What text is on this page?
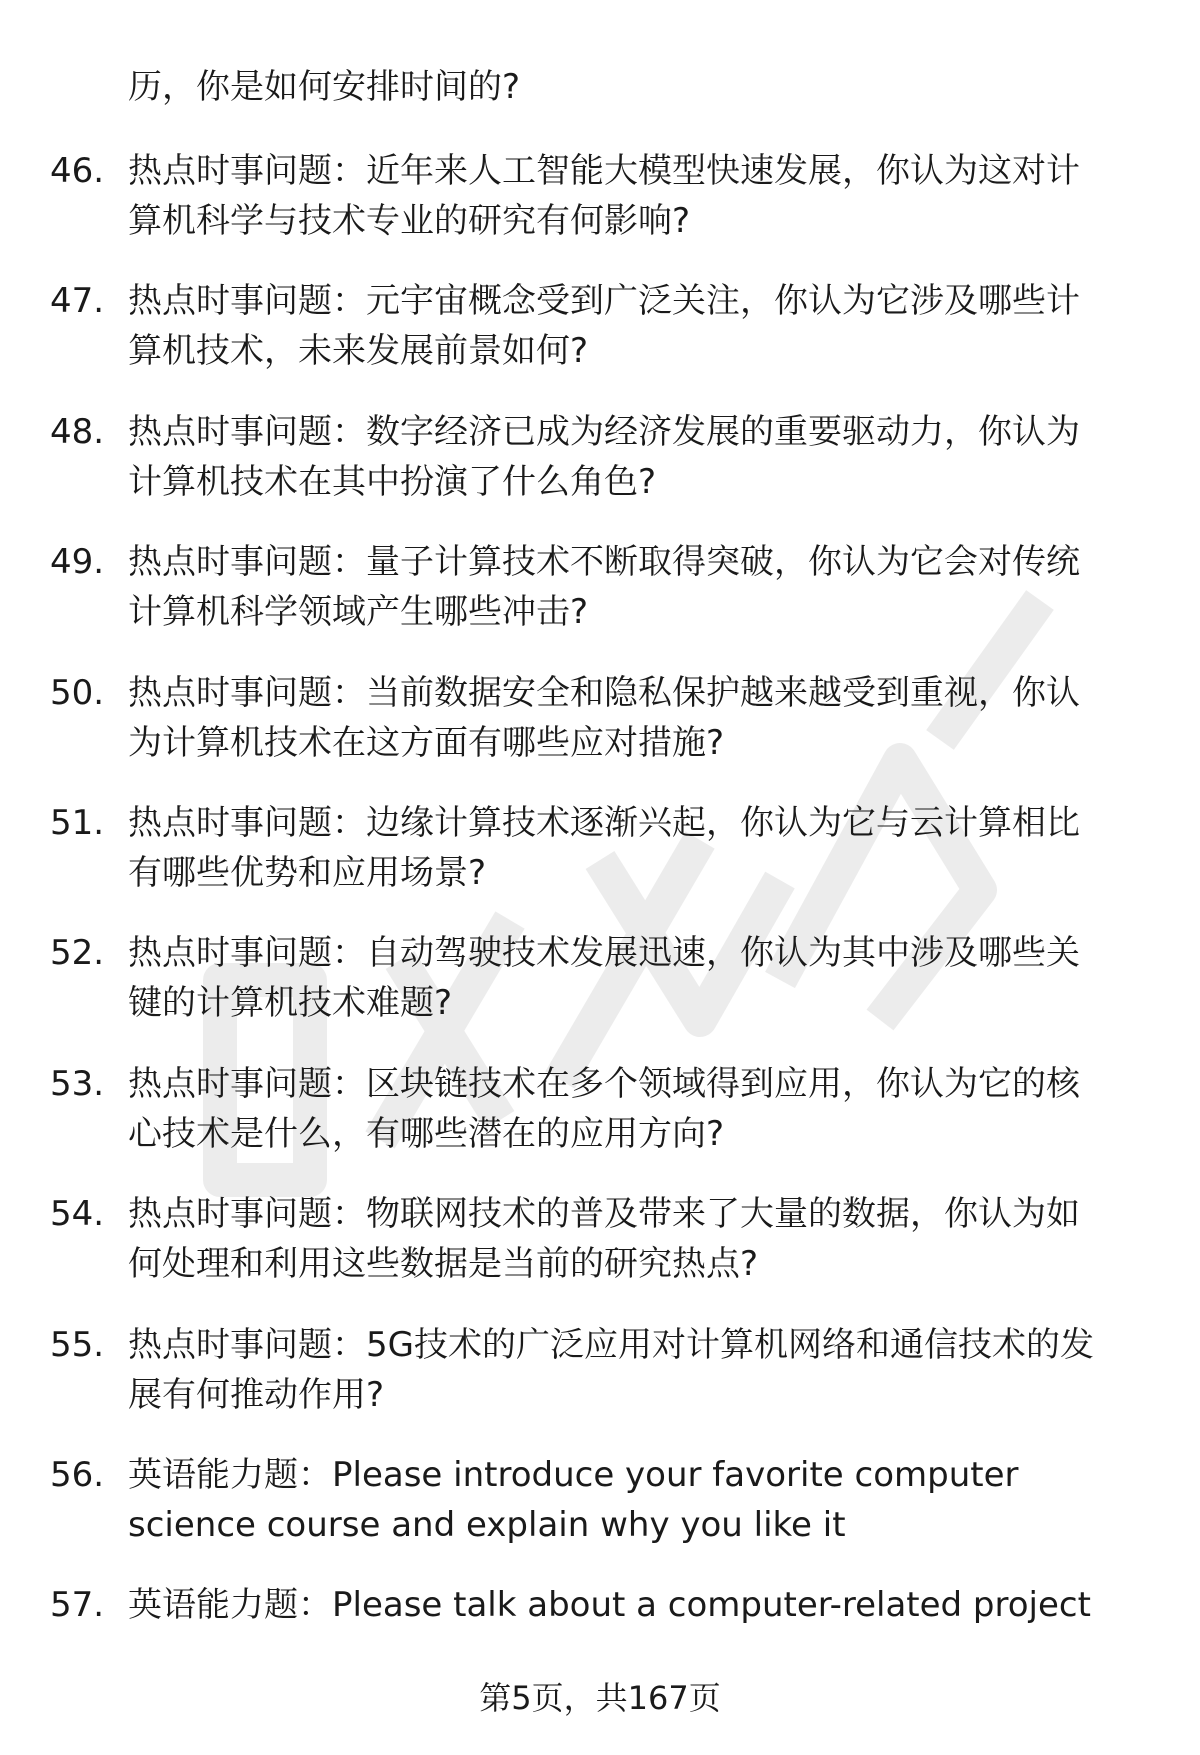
历，你是如何安排时间的?
46. 热点时事问题：近年来人工智能大模型快速发展，你认为这对计
算机科学与技术专业的研究有何影响?
47. 热点时事问题：元宇宙概念受到广泛关注，你认为它涉及哪些计
算机技术，未来发展前景如何?
48. 热点时事问题：数字经济已成为经济发展的重要驱动力，你认为
计算机技术在其中扮演了什么角色?
49. 热点时事问题：量子计算技术不断取得突破，你认为它会对传统
计算机科学领域产生哪些冲击?
50. 热点时事问题：当前数据安全和隐私保护越来越受到重视，你认
为计算机技术在这方面有哪些应对措施?
51. 热点时事问题：边缘计算技术逐渐兴起，你认为它与云计算相比
有哪些优势和应用场景?
52. 热点时事问题：自动驾驶技术发展迅速，你认为其中涉及哪些关
键的计算机技术难题?
53. 热点时事问题：区块链技术在多个领域得到应用，你认为它的核
心技术是什么，有哪些潜在的应用方向?
54. 热点时事问题：物联网技术的普及带来了大量的数据，你认为如
何处理和利用这些数据是当前的研究热点?
55. 热点时事问题：5G技术的广泛应用对计算机网络和通信技术的发
展有何推动作用?
56. 英语能力题：Please introduce your favorite computer
science course and explain why you like it
57. 英语能力题：Please talk about a computer-related project
第5页，共167页
